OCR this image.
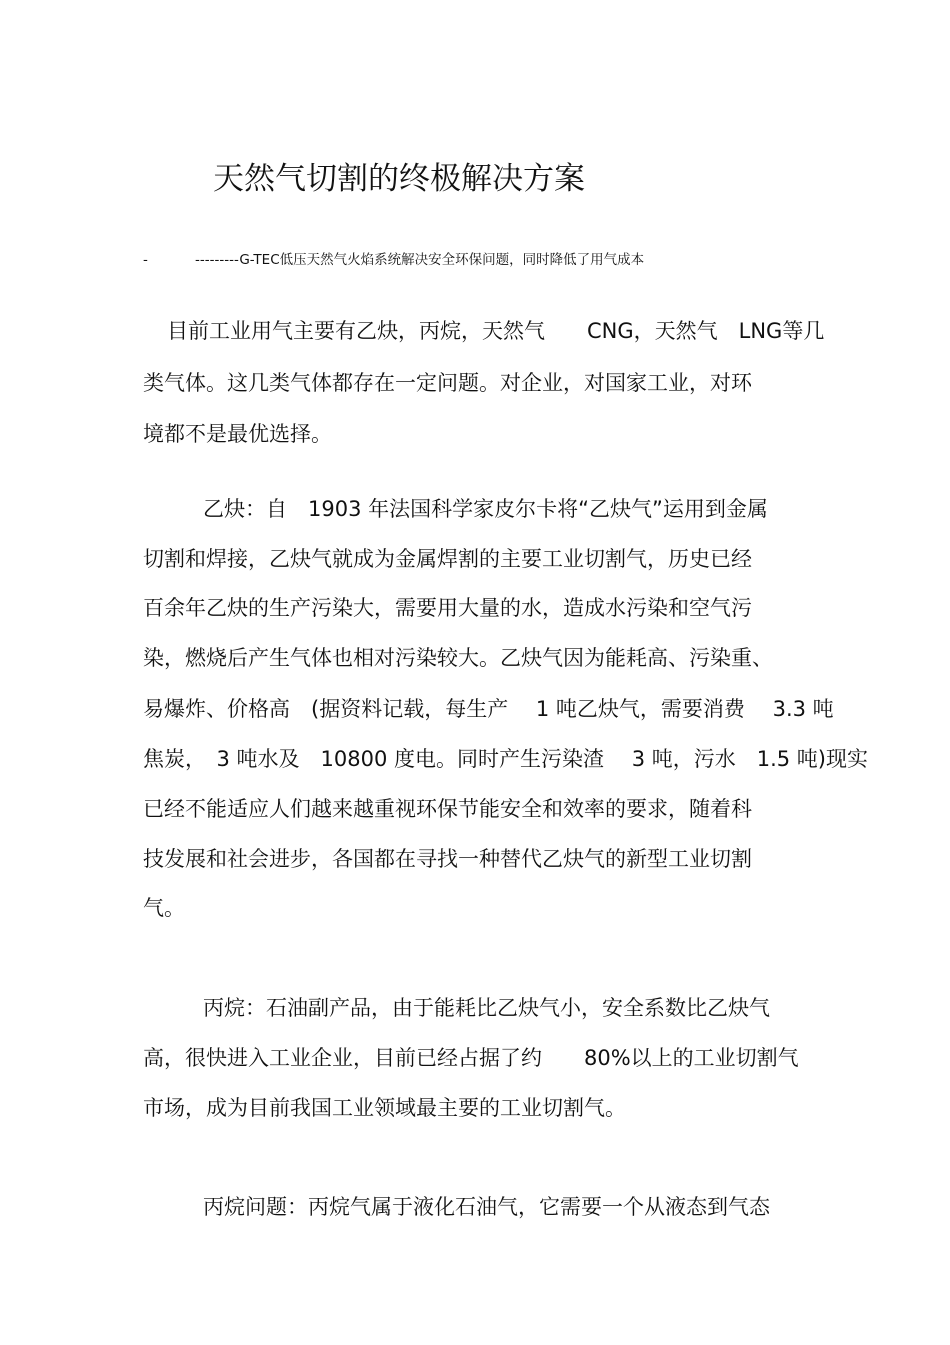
天然气切割的终极解决方案
-	---------G-TEC低压天然气火焰系统解决安全环保问题，同时降低了用气成本
目前工业用气主要有乙炔，丙烷，天然气　　CNG，天然气　LNG等几
类气体。这几类气体都存在一定问题。对企业，对国家工业，对环
境都不是最优选择。
乙炔：自　1903 年法国科学家皮尔卡将“乙炔气”运用到金属
切割和焊接，乙炔气就成为金属焊割的主要工业切割气，历史已经
百余年乙炔的生产污染大，需要用大量的水，造成水污染和空气污
染，燃烧后产生气体也相对污染较大。乙炔气因为能耗高、污染重、
易爆炸、价格高　(据资料记载，每生产　 1 吨乙炔气，需要消费　 3.3 吨
焦炭，　3 吨水及　10800 度电。同时产生污染渣　 3 吨，污水　1.5 吨)现实
已经不能适应人们越来越重视环保节能安全和效率的要求，随着科
技发展和社会进步，各国都在寻找一种替代乙炔气的新型工业切割
气。
丙烷：石油副产品，由于能耗比乙炔气小，安全系数比乙炔气
高，很快进入工业企业，目前已经占据了约　　80%以上的工业切割气
市场，成为目前我国工业领域最主要的工业切割气。
丙烷问题：丙烷气属于液化石油气，它需要一个从液态到气态
